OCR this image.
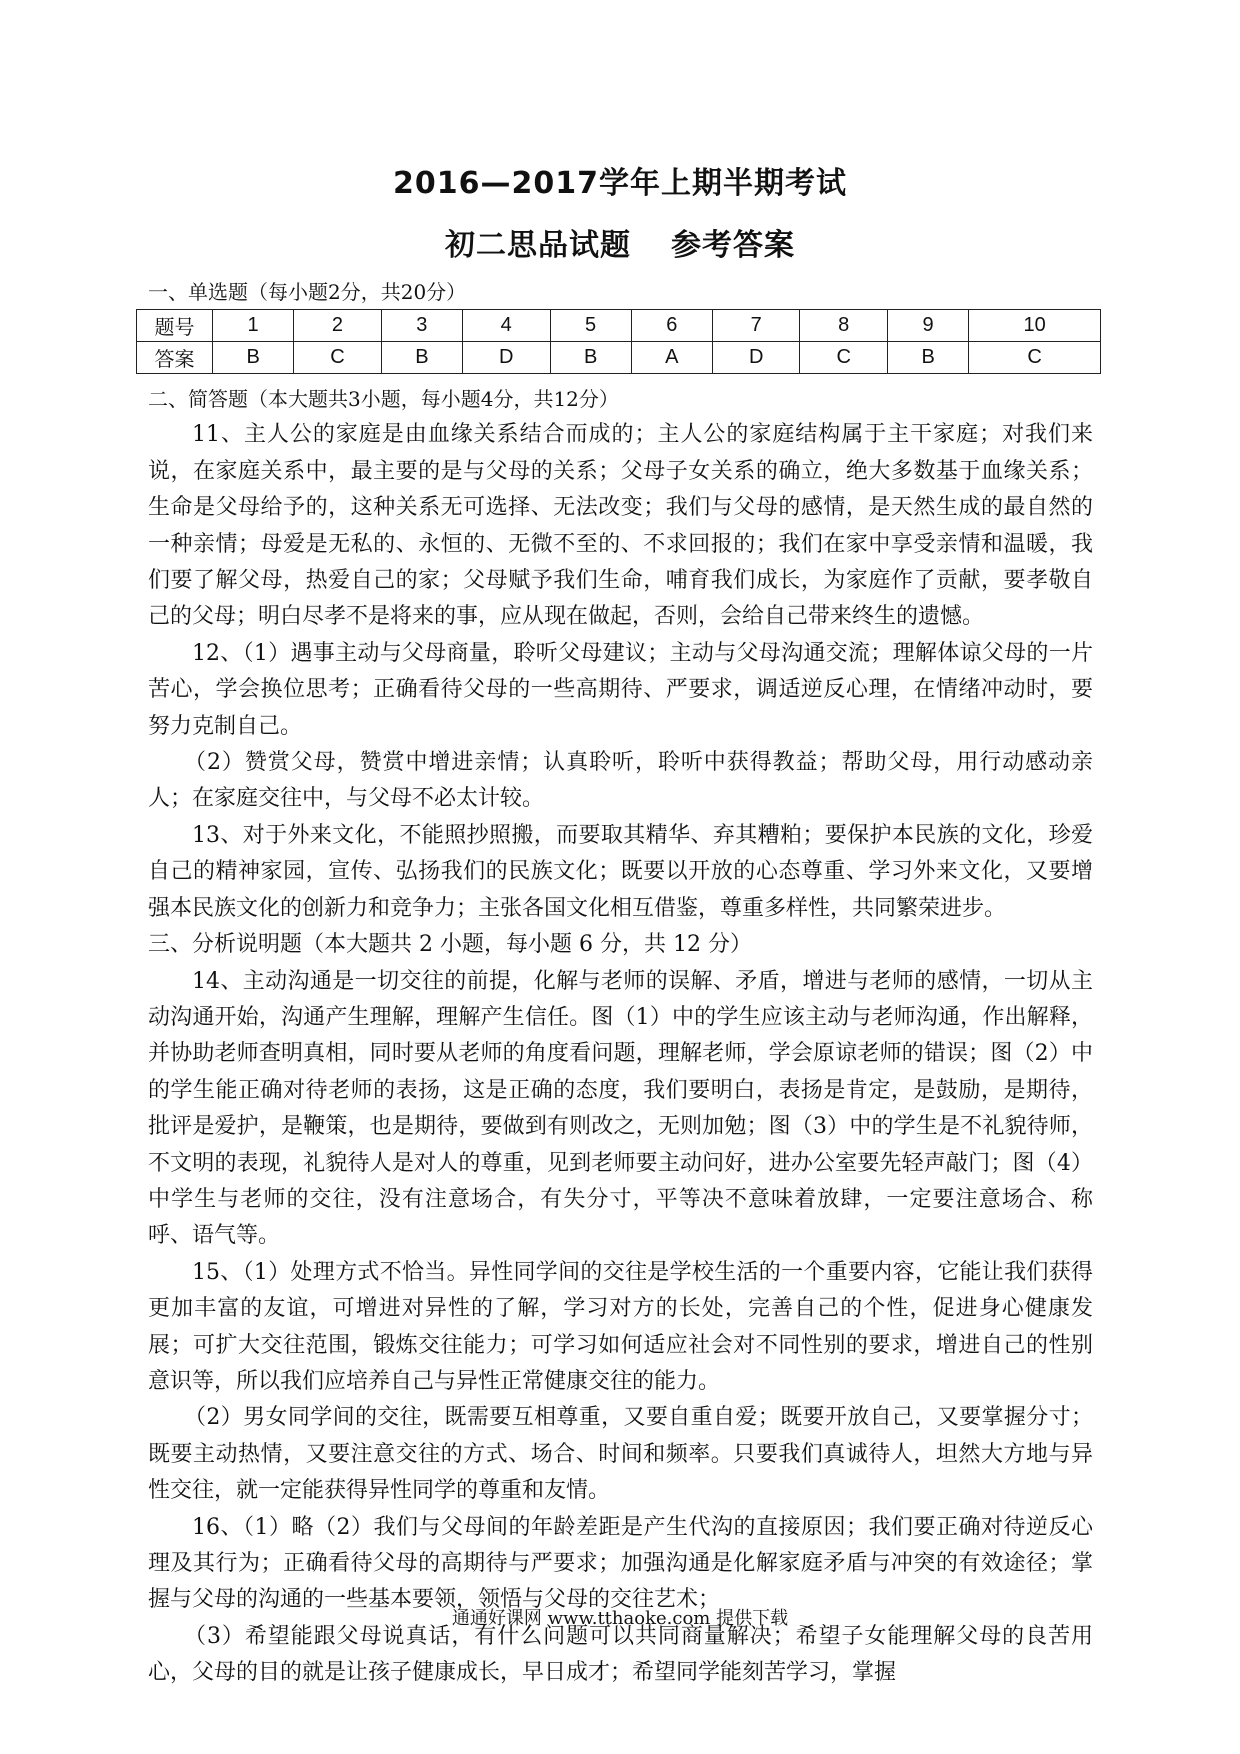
2016—2017学年上期半期考试
初二思品试题 参考答案
一、单选题（每小题2分，共20分）
题号	1	2	3	4	5	6	7	8	9	10
答案	B	C	B	D	B	A	D	C	B	C
二、简答题（本大题共3小题，每小题4分，共12分）

11、主人公的家庭是由血缘关系结合而成的；主人公的家庭结构属于主干家庭；对我们来说，在家庭关系中，最主要的是与父母的关系；父母子女关系的确立，绝大多数基于血缘关系；生命是父母给予的，这种关系无可选择、无法改变；我们与父母的感情，是天然生成的最自然的一种亲情；母爱是无私的、永恒的、无微不至的、不求回报的；我们在家中享受亲情和温暖，我们要了解父母，热爱自己的家；父母赋予我们生命，哺育我们成长，为家庭作了贡献，要孝敬自己的父母；明白尽孝不是将来的事，应从现在做起，否则，会给自己带来终生的遗憾。

12、（1）遇事主动与父母商量，聆听父母建议；主动与父母沟通交流；理解体谅父母的一片苦心，学会换位思考；正确看待父母的一些高期待、严要求，调适逆反心理，在情绪冲动时，要努力克制自己。

（2）赞赏父母，赞赏中增进亲情；认真聆听，聆听中获得教益；帮助父母，用行动感动亲人；在家庭交往中，与父母不必太计较。

13、对于外来文化，不能照抄照搬，而要取其精华、弃其糟粕；要保护本民族的文化，珍爱自己的精神家园，宣传、弘扬我们的民族文化；既要以开放的心态尊重、学习外来文化，又要增强本民族文化的创新力和竞争力；主张各国文化相互借鉴，尊重多样性，共同繁荣进步。

三、分析说明题（本大题共 2 小题，每小题 6 分，共 12 分）

14、主动沟通是一切交往的前提，化解与老师的误解、矛盾，增进与老师的感情，一切从主动沟通开始，沟通产生理解，理解产生信任。图（1）中的学生应该主动与老师沟通，作出解释，并协助老师查明真相，同时要从老师的角度看问题，理解老师，学会原谅老师的错误；图（2）中的学生能正确对待老师的表扬，这是正确的态度，我们要明白，表扬是肯定，是鼓励，是期待，批评是爱护，是鞭策，也是期待，要做到有则改之，无则加勉；图（3）中的学生是不礼貌待师，不文明的表现，礼貌待人是对人的尊重，见到老师要主动问好，进办公室要先轻声敲门；图（4）中学生与老师的交往，没有注意场合，有失分寸，平等决不意味着放肆，一定要注意场合、称呼、语气等。

15、（1）处理方式不恰当。异性同学间的交往是学校生活的一个重要内容，它能让我们获得更加丰富的友谊，可增进对异性的了解，学习对方的长处，完善自己的个性，促进身心健康发展；可扩大交往范围，锻炼交往能力；可学习如何适应社会对不同性别的要求，增进自己的性别意识等，所以我们应培养自己与异性正常健康交往的能力。

（2）男女同学间的交往，既需要互相尊重，又要自重自爱；既要开放自己，又要掌握分寸；既要主动热情，又要注意交往的方式、场合、时间和频率。只要我们真诚待人，坦然大方地与异性交往，就一定能获得异性同学的尊重和友情。

16、（1）略（2）我们与父母间的年龄差距是产生代沟的直接原因；我们要正确对待逆反心理及其行为；正确看待父母的高期待与严要求；加强沟通是化解家庭矛盾与冲突的有效途径；掌握与父母的沟通的一些基本要领，领悟与父母的交往艺术；

（3）希望能跟父母说真话，有什么问题可以共同商量解决；希望子女能理解父母的良苦用心，父母的目的就是让孩子健康成长，早日成才；希望同学能刻苦学习，掌握

通通好课网 www.tthaoke.com 提供下载
